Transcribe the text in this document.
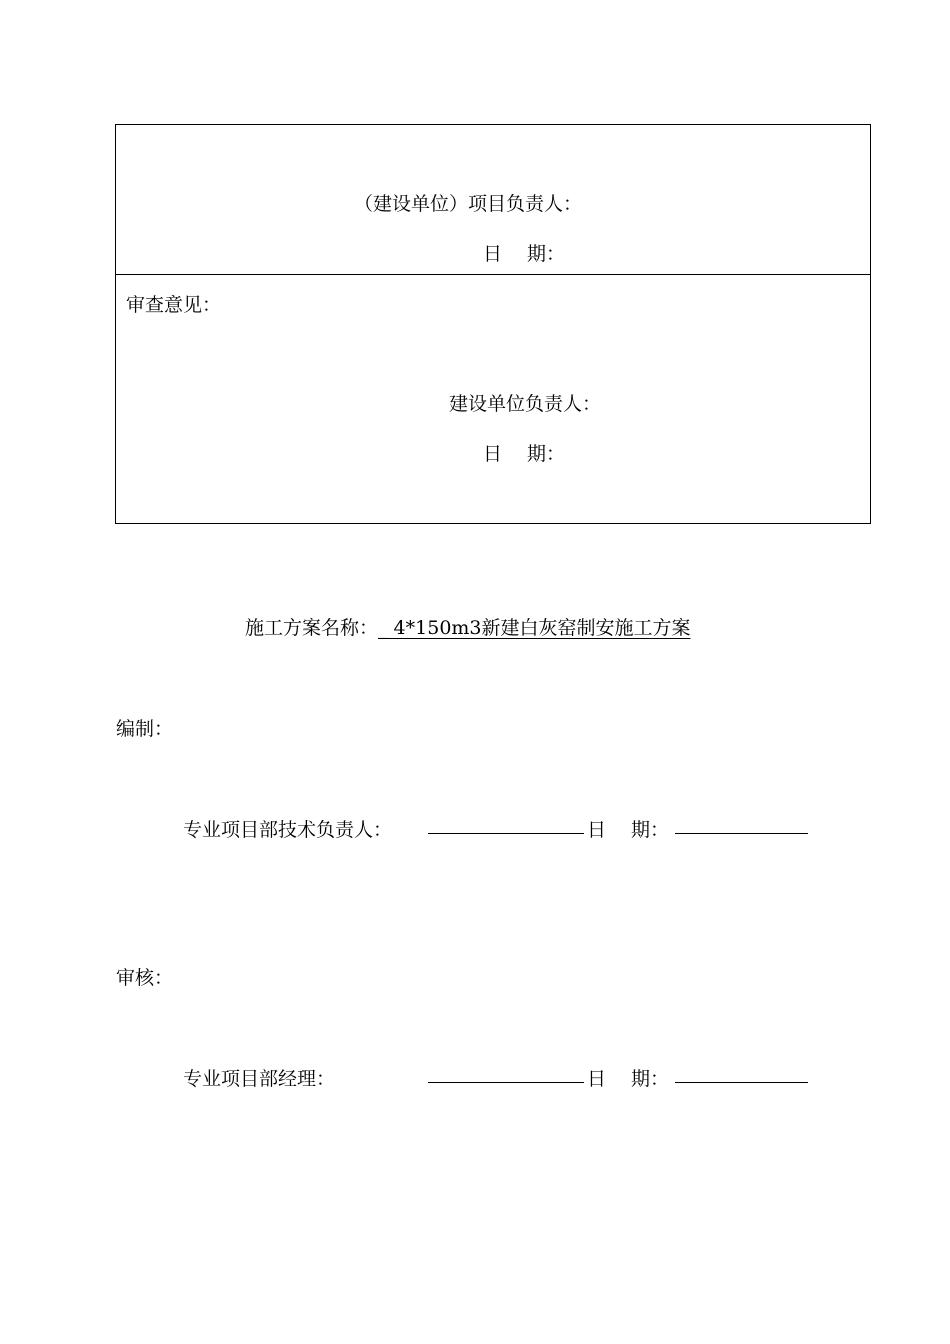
（建设单位）项目负责人：
日　 期：
审查意见：
建设单位负责人：
日　 期：
施工方案名称：_ 4*150m3新建白灰窑制安施工方案
编制：
专业项目部技术负责人：	日　 期：
审核：
专业项目部经理：	日　 期：
